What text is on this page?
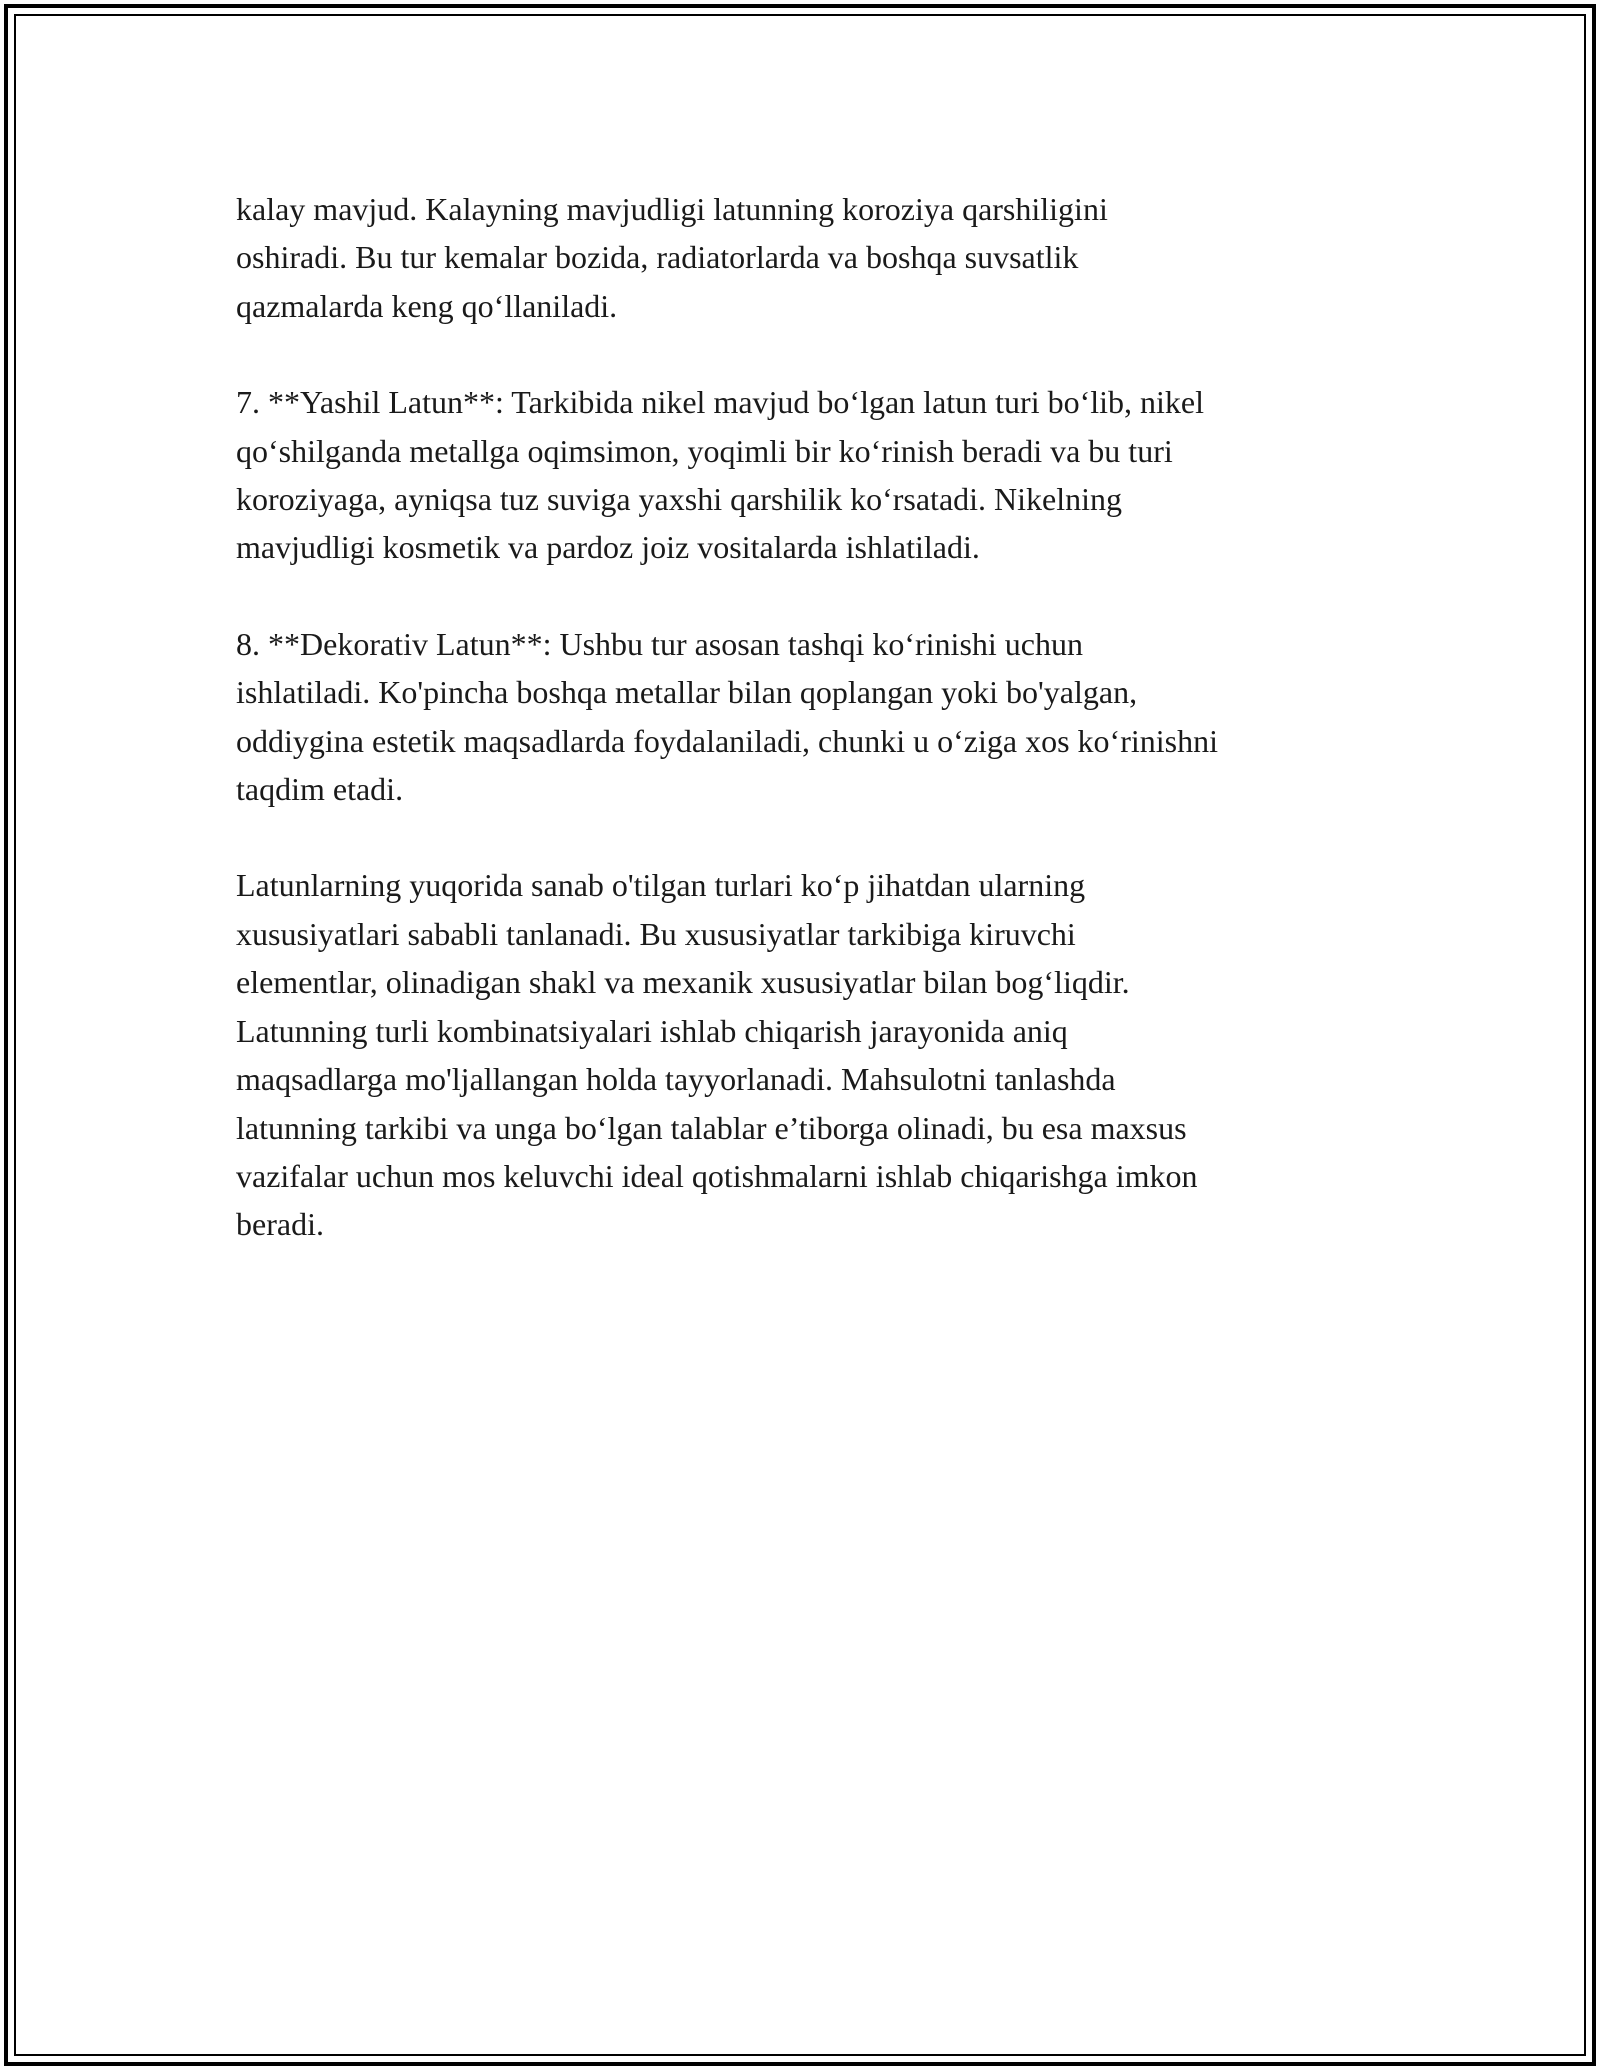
kalay mavjud. Kalayning mavjudligi latunning koroziya qarshiligini
oshiradi. Bu tur kemalar bozida, radiatorlarda va boshqa suvsatlik
qazmalarda keng qo‘llaniladi.

7. **Yashil Latun**: Tarkibida nikel mavjud bo‘lgan latun turi bo‘lib, nikel
qo‘shilganda metallga oqimsimon, yoqimli bir ko‘rinish beradi va bu turi
koroziyaga, ayniqsa tuz suviga yaxshi qarshilik ko‘rsatadi. Nikelning
mavjudligi kosmetik va pardoz joiz vositalarda ishlatiladi.

8. **Dekorativ Latun**: Ushbu tur asosan tashqi ko‘rinishi uchun
ishlatiladi. Ko'pincha boshqa metallar bilan qoplangan yoki bo'yalgan,
oddiygina estetik maqsadlarda foydalaniladi, chunki u o‘ziga xos ko‘rinishni
taqdim etadi.

Latunlarning yuqorida sanab o'tilgan turlari ko‘p jihatdan ularning
xususiyatlari sababli tanlanadi. Bu xususiyatlar tarkibiga kiruvchi
elementlar, olinadigan shakl va mexanik xususiyatlar bilan bog‘liqdir.
Latunning turli kombinatsiyalari ishlab chiqarish jarayonida aniq
maqsadlarga mo'ljallangan holda tayyorlanadi. Mahsulotni tanlashda
latunning tarkibi va unga bo‘lgan talablar e’tiborga olinadi, bu esa maxsus
vazifalar uchun mos keluvchi ideal qotishmalarni ishlab chiqarishga imkon
beradi.
